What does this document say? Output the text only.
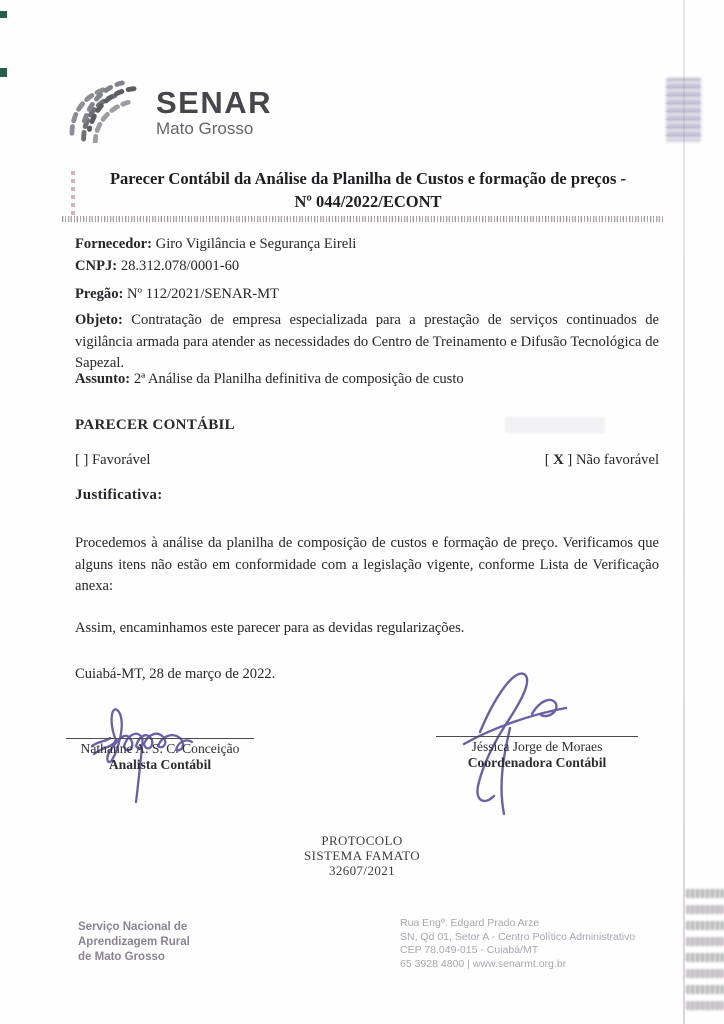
SENAR
Mato Grosso
Parecer Contábil da Análise da Planilha de Custos e formação de preços -
Nº 044/2022/ECONT
Fornecedor: Giro Vigilância e Segurança Eireli
CNPJ: 28.312.078/0001-60
Pregão: Nº 112/2021/SENAR-MT
Objeto: Contratação de empresa especializada para a prestação de serviços continuados de vigilância armada para atender as necessidades do Centro de Treinamento e Difusão Tecnológica de Sapezal.
Assunto: 2ª Análise da Planilha definitiva de composição de custo
PARECER CONTÁBIL
[ ] Favorável	[ X ] Não favorável
Justificativa:
Procedemos à análise da planilha de composição de custos e formação de preço. Verificamos que alguns itens não estão em conformidade com a legislação vigente, conforme Lista de Verificação anexa:
Assim, encaminhamos este parecer para as devidas regularizações.
Cuiabá-MT, 28 de março de 2022.
Nathanne A. S. C. Conceição
Analista Contábil
Jéssica Jorge de Moraes
Coordenadora Contábil
PROTOCOLO
SISTEMA FAMATO
32607/2021
Serviço Nacional de
Aprendizagem Rural
de Mato Grosso
Rua Engº. Edgard Prado Arze
SN, Qd 01, Setor A - Centro Político Administrativo
CEP 78.049-015 - Cuiabá/MT
65 3928 4800 | www.senarmt.org.br
